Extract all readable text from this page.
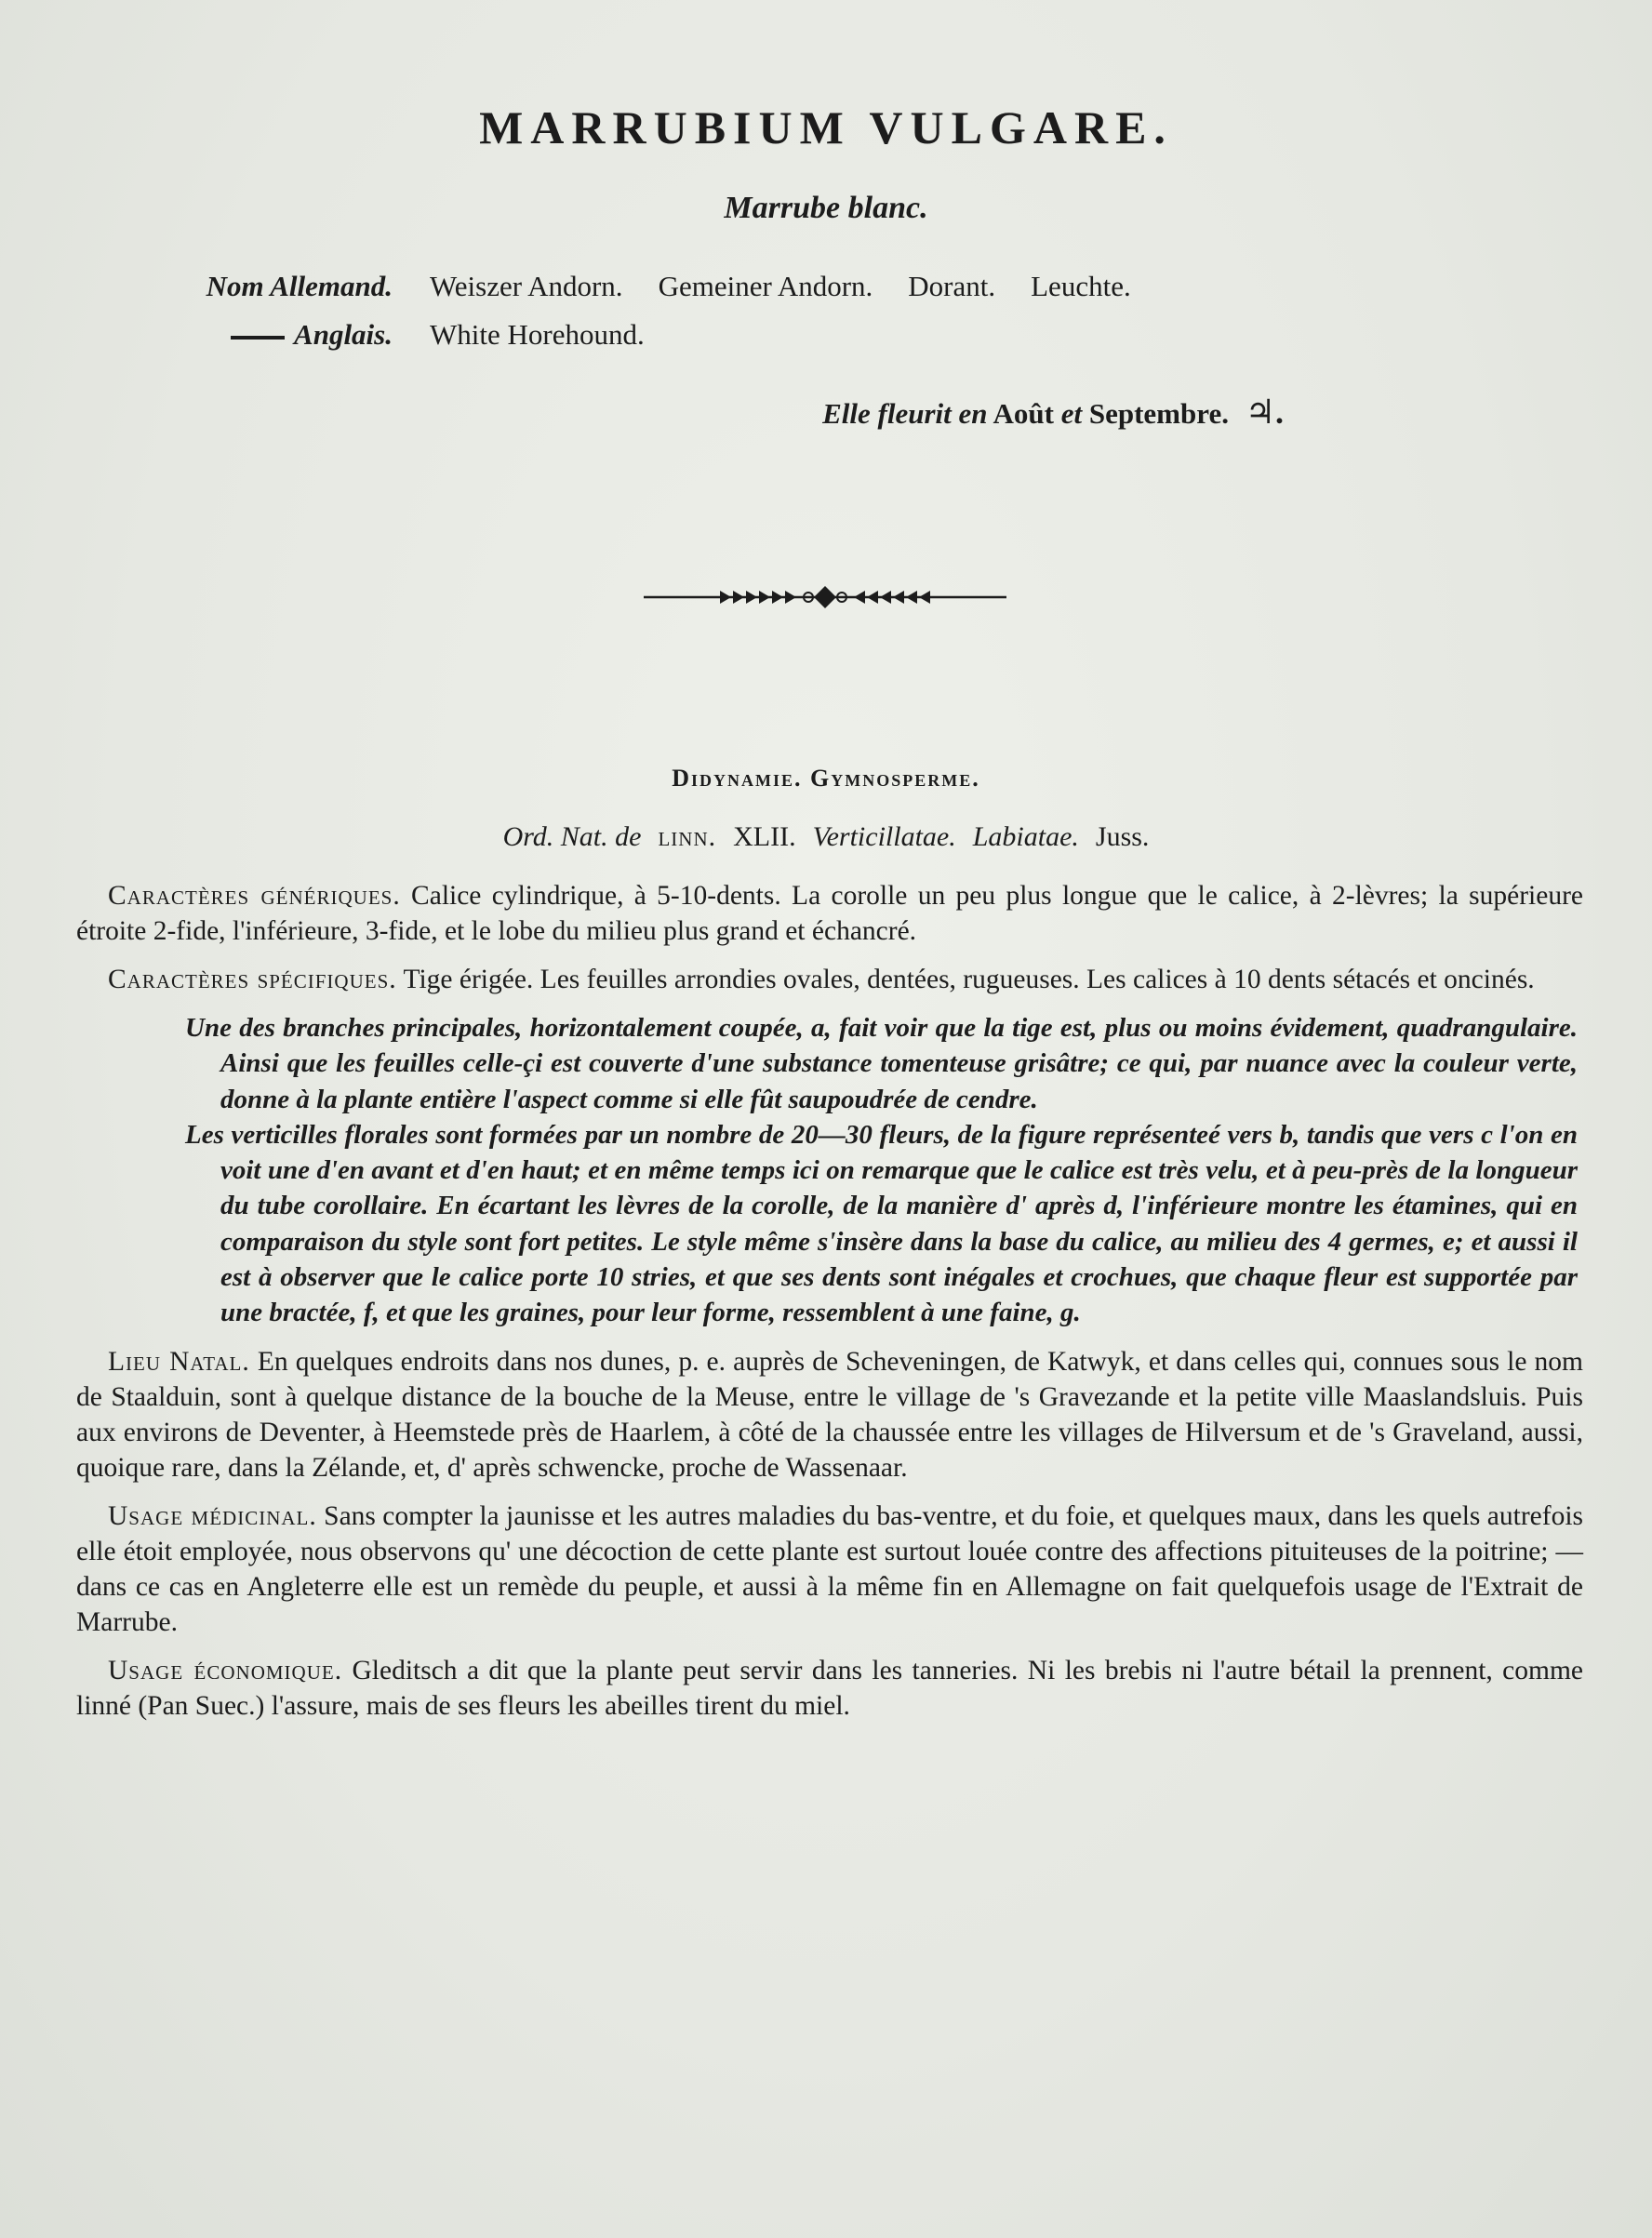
MARRUBIUM VULGARE.
Marrube blanc.
Nom Allemand. Weiszer Andorn. Gemeiner Andorn. Dorant. Leuchte.
Anglais. White Horehound.
Elle fleurit en Août et Septembre. ♃.
Didynamie. Gymnosperme.
Ord. Nat. de linn. XLII. Verticillatae. Labiatae. Juss.

Caractères génériques. Calice cylindrique, à 5-10-dents. La corolle un peu plus longue que le calice, à 2-lèvres; la supérieure étroite 2-fide, l'inférieure, 3-fide, et le lobe du milieu plus grand et échancré.

Caractères spécifiques. Tige érigée. Les feuilles arrondies ovales, dentées, rugueuses. Les calices à 10 dents sétacés et oncinés.

Une des branches principales, horizontalement coupée, a, fait voir que la tige est, plus ou moins évidement, quadrangulaire. Ainsi que les feuilles celle-çi est couverte d'une substance tomenteuse grisâtre; ce qui, par nuance avec la couleur verte, donne à la plante entière l'aspect comme si elle fût saupoudrée de cendre.

Les verticilles florales sont formées par un nombre de 20—30 fleurs, de la figure représenteé vers b, tandis que vers c l'on en voit une d'en avant et d'en haut; et en même temps ici on remarque que le calice est très velu, et à peu-près de la longueur du tube corollaire. En écartant les lèvres de la corolle, de la manière d' après d, l'inférieure montre les étamines, qui en comparaison du style sont fort petites. Le style même s'insère dans la base du calice, au milieu des 4 germes, e; et aussi il est à observer que le calice porte 10 stries, et que ses dents sont inégales et crochues, que chaque fleur est supportée par une bractée, f, et que les graines, pour leur forme, ressemblent à une faine, g.

Lieu Natal. En quelques endroits dans nos dunes, p. e. auprès de Scheveningen, de Katwyk, et dans celles qui, connues sous le nom de Staalduin, sont à quelque distance de la bouche de la Meuse, entre le village de 's Gravezande et la petite ville Maaslandsluis. Puis aux environs de Deventer, à Heemstede près de Haarlem, à côté de la chaussée entre les villages de Hilversum et de 's Graveland, aussi, quoique rare, dans la Zélande, et, d' après schwencke, proche de Wassenaar.

Usage médicinal. Sans compter la jaunisse et les autres maladies du bas-ventre, et du foie, et quelques maux, dans les quels autrefois elle étoit employée, nous observons qu' une décoction de cette plante est surtout louée contre des affections pituiteuses de la poitrine; — dans ce cas en Angleterre elle est un remède du peuple, et aussi à la même fin en Allemagne on fait quelquefois usage de l'Extrait de Marrube.

Usage économique. Gleditsch a dit que la plante peut servir dans les tanneries. Ni les brebis ni l'autre bétail la prennent, comme linné (Pan Suec.) l'assure, mais de ses fleurs les abeilles tirent du miel.
